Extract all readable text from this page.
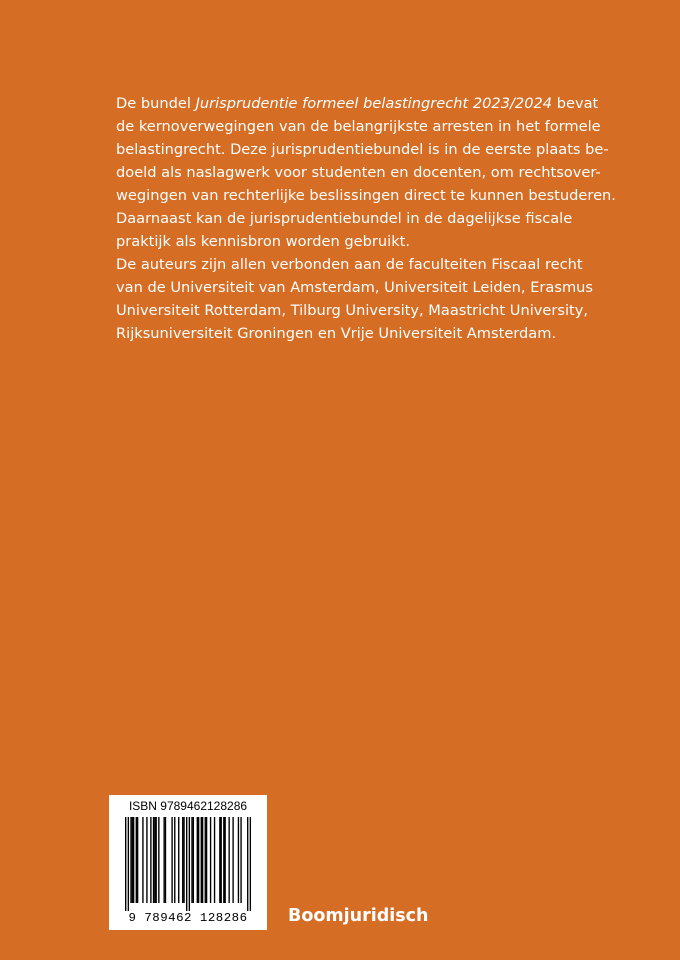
De bundel Jurisprudentie formeel belastingrecht 2023/2024 bevat
de kernoverwegingen van de belangrijkste arresten in het formele
belastingrecht. Deze jurisprudentiebundel is in de eerste plaats be-
doeld als naslagwerk voor studenten en docenten, om rechtsover-
wegingen van rechterlijke beslissingen direct te kunnen bestuderen.
Daarnaast kan de jurisprudentiebundel in de dagelijkse fiscale
praktijk als kennisbron worden gebruikt.

De auteurs zijn allen verbonden aan de faculteiten Fiscaal recht
van de Universiteit van Amsterdam, Universiteit Leiden, Erasmus
Universiteit Rotterdam, Tilburg University, Maastricht University,
Rijksuniversiteit Groningen en Vrije Universiteit Amsterdam.

ISBN 9789462128286
9 789462 128286	Boomjuridisch
